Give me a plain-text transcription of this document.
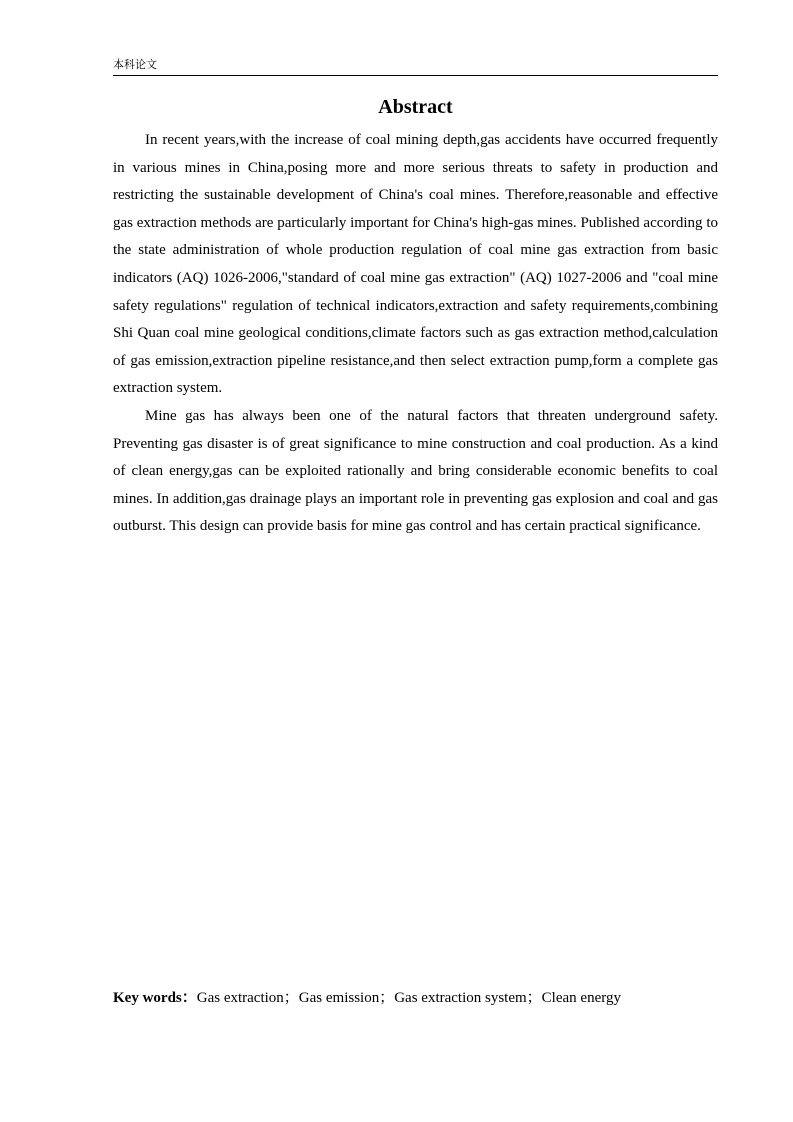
本科论文
Abstract

In recent years,with the increase of coal mining depth,gas accidents have occurred frequently in various mines in China,posing more and more serious threats to safety in production and restricting the sustainable development of China's coal mines. Therefore,reasonable and effective gas extraction methods are particularly important for China's high-gas mines. Published according to the state administration of whole production regulation of coal mine gas extraction from basic indicators (AQ) 1026-2006,"standard of coal mine gas extraction" (AQ) 1027-2006 and "coal mine safety regulations" regulation of technical indicators,extraction and safety requirements,combining Shi Quan coal mine geological conditions,climate factors such as gas extraction method,calculation of gas emission,extraction pipeline resistance,and then select extraction pump,form a complete gas extraction system.

Mine gas has always been one of the natural factors that threaten underground safety. Preventing gas disaster is of great significance to mine construction and coal production. As a kind of clean energy,gas can be exploited rationally and bring considerable economic benefits to coal mines. In addition,gas drainage plays an important role in preventing gas explosion and coal and gas outburst. This design can provide basis for mine gas control and has certain practical significance.

Key words：Gas extraction；Gas emission；Gas extraction system；Clean energy
